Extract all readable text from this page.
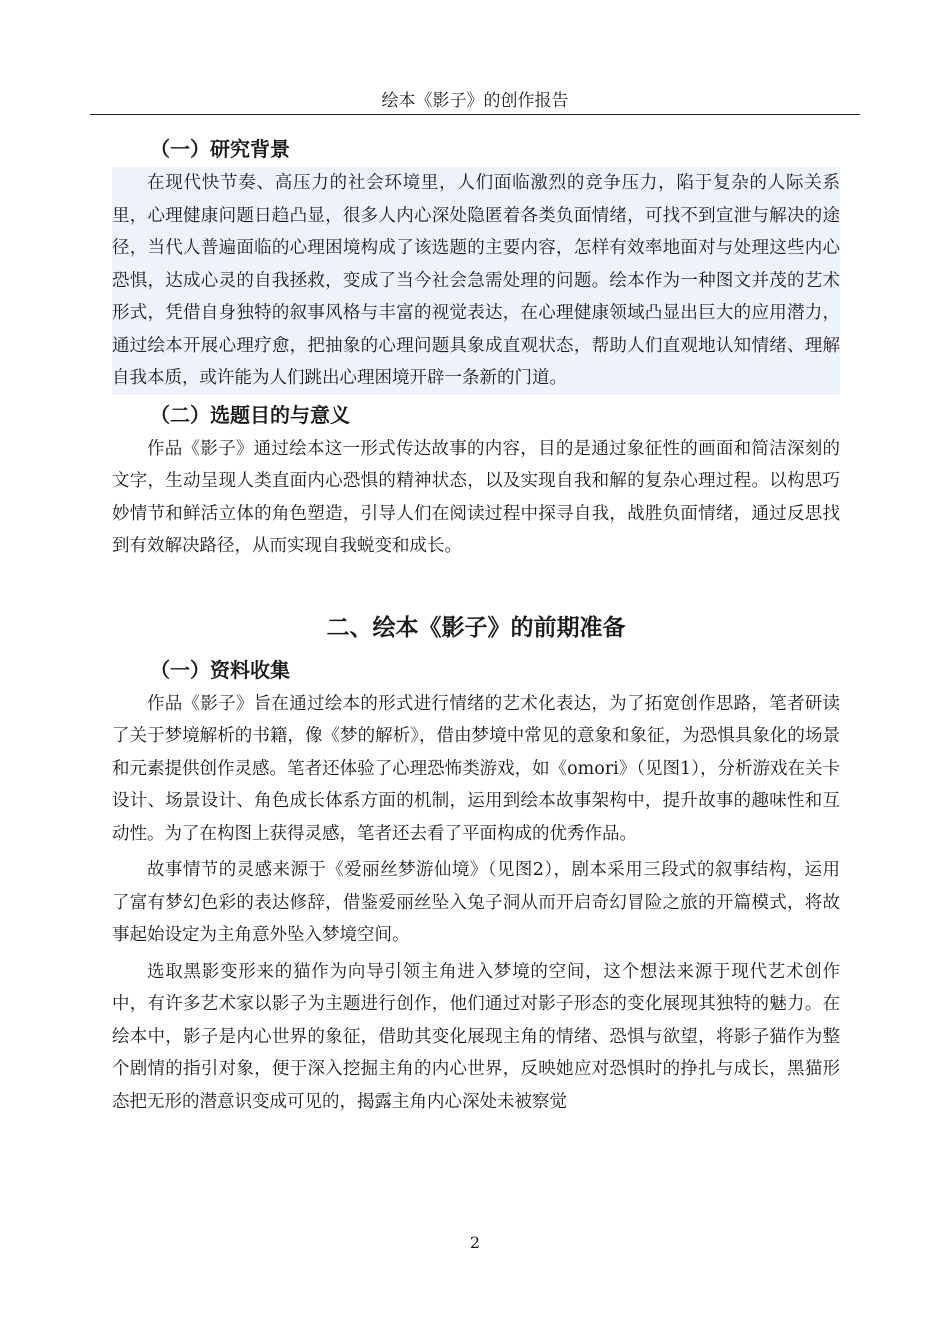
绘本《影子》的创作报告
（一）研究背景

在现代快节奏、高压力的社会环境里，人们面临激烈的竞争压力，陷于复杂的人际关系里，心理健康问题日趋凸显，很多人内心深处隐匿着各类负面情绪，可找不到宣泄与解决的途径，当代人普遍面临的心理困境构成了该选题的主要内容，怎样有效率地面对与处理这些内心恐惧，达成心灵的自我拯救，变成了当今社会急需处理的问题。绘本作为一种图文并茂的艺术形式，凭借自身独特的叙事风格与丰富的视觉表达，在心理健康领域凸显出巨大的应用潜力，通过绘本开展心理疗愈，把抽象的心理问题具象成直观状态，帮助人们直观地认知情绪、理解自我本质，或许能为人们跳出心理困境开辟一条新的门道。

（二）选题目的与意义

作品《影子》通过绘本这一形式传达故事的内容，目的是通过象征性的画面和简洁深刻的文字，生动呈现人类直面内心恐惧的精神状态，以及实现自我和解的复杂心理过程。以构思巧妙情节和鲜活立体的角色塑造，引导人们在阅读过程中探寻自我，战胜负面情绪，通过反思找到有效解决路径，从而实现自我蜕变和成长。

二、绘本《影子》的前期准备
（一）资料收集

作品《影子》旨在通过绘本的形式进行情绪的艺术化表达，为了拓宽创作思路，笔者研读了关于梦境解析的书籍，像《梦的解析》，借由梦境中常见的意象和象征，为恐惧具象化的场景和元素提供创作灵感。笔者还体验了心理恐怖类游戏，如《omori》（见图1），分析游戏在关卡设计、场景设计、角色成长体系方面的机制，运用到绘本故事架构中，提升故事的趣味性和互动性。为了在构图上获得灵感，笔者还去看了平面构成的优秀作品。

故事情节的灵感来源于《爱丽丝梦游仙境》（见图2），剧本采用三段式的叙事结构，运用了富有梦幻色彩的表达修辞，借鉴爱丽丝坠入兔子洞从而开启奇幻冒险之旅的开篇模式，将故事起始设定为主角意外坠入梦境空间。

选取黑影变形来的猫作为向导引领主角进入梦境的空间，这个想法来源于现代艺术创作中，有许多艺术家以影子为主题进行创作，他们通过对影子形态的变化展现其独特的魅力。在绘本中，影子是内心世界的象征，借助其变化展现主角的情绪、恐惧与欲望，将影子猫作为整个剧情的指引对象，便于深入挖掘主角的内心世界，反映她应对恐惧时的挣扎与成长，黑猫形态把无形的潜意识变成可见的，揭露主角内心深处未被察觉

2
